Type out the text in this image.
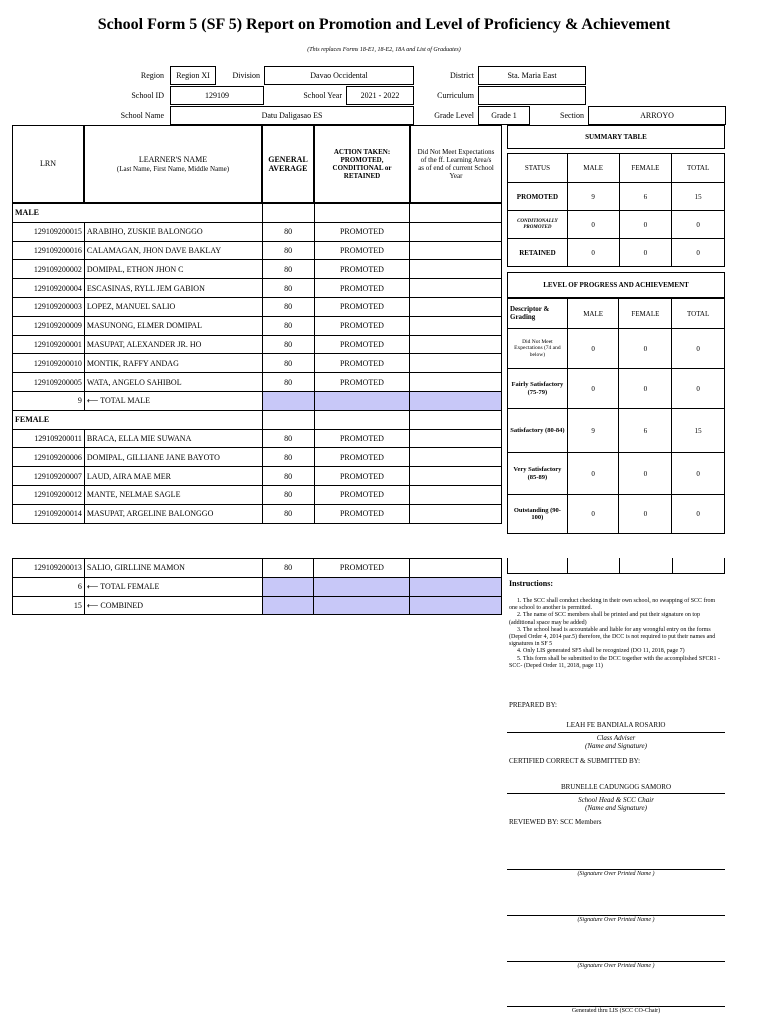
School Form 5 (SF 5) Report on Promotion and Level of Proficiency & Achievement
(This replaces Forms 18-E1, 18-E2, 18A and List of Graduates)
Region	Region XI	Division	Davao Occidental	District	Sta. Maria East
School ID	129109	School Year	2021 - 2022	Curriculum
School Name	Datu Daligasao ES	Grade Level	Grade 1	Section	ARROYO
LRN	LEARNER'S NAME
(Last Name, First Name, Middle Name)
GENERAL AVERAGE
ACTION TAKEN: PROMOTED, CONDITIONAL or RETAINED
Did Not Meet Expectations of the ff. Learning Area/s as of end of current School Year
MALE				
129109200015	ARABIHO, ZUSKIE BALONGGO	80	PROMOTED	
129109200016	CALAMAGAN, JHON DAVE BAKLAY	80	PROMOTED	
129109200002	DOMIPAL, ETHON JHON C	80	PROMOTED	
129109200004	ESCASINAS, RYLL JEM GABION	80	PROMOTED	
129109200003	LOPEZ, MANUEL SALIO	80	PROMOTED	
129109200009	MASUNONG, ELMER DOMIPAL	80	PROMOTED	
129109200001	MASUPAT, ALEXANDER JR. HO	80	PROMOTED	
129109200010	MONTIK, RAFFY ANDAG	80	PROMOTED	
129109200005	WATA, ANGELO SAHIBOL	80	PROMOTED	
9	⟵ TOTAL MALE			
FEMALE				
129109200011	BRACA, ELLA MIE SUWANA	80	PROMOTED	
129109200006	DOMIPAL, GILLIANE JANE BAYOTO	80	PROMOTED	
129109200007	LAUD, AIRA MAE MER	80	PROMOTED	
129109200012	MANTE, NELMAE SAGLE	80	PROMOTED	
129109200014	MASUPAT, ARGELINE BALONGGO	80	PROMOTED	
129109200013	SALIO, GIRLLINE MAMON	80	PROMOTED	
6	⟵ TOTAL FEMALE			
15	⟵ COMBINED			
SUMMARY TABLE
STATUS	MALE	FEMALE	TOTAL
PROMOTED	9	6	15
CONDITIONALLY PROMOTED	0	0	0
RETAINED	0	0	0
LEVEL OF PROGRESS AND ACHIEVEMENT
Descriptor & Grading	MALE	FEMALE	TOTAL
Did Not Meet Expectations (74 and below)	0	0	0
Fairly Satisfactory (75-79)	0	0	0
Satisfactory (80-84)	9	6	15
Very Satisfactory (85-89)	0	0	0
Outstanding (90-100)	0	0	0
Instructions:
1. The SCC shall conduct checking in their own school, no swapping of SCC from one school to another is permitted.
2. The name of SCC members shall be printed and put their signature on top (additional space may be added)
3. The school head is accountable and liable for any wrongful entry on the forms (Deped Order 4, 2014 par.5) therefore, the DCC is not required to put their names and signatures in SF 5
4. Only LIS generated SF5 shall be recognized (DO 11, 2018, page 7)
5. This form shall be submitted to the DCC together with the accomplished SFCR1 - SCC- (Deped Order 11, 2018, page 11)
PREPARED BY:
LEAH FE BANDIALA ROSARIO
Class Adviser
(Name and Signature)
CERTIFIED CORRECT & SUBMITTED BY:
BRUNELLE CADUNGOG SAMORO
School Head & SCC Chair
(Name and Signature)
REVIEWED BY: SCC Members
(Signature Over Printed Name )
(Signature Over Printed Name )
(Signature Over Printed Name )
Generated thru LIS (SCC CO-Chair)
